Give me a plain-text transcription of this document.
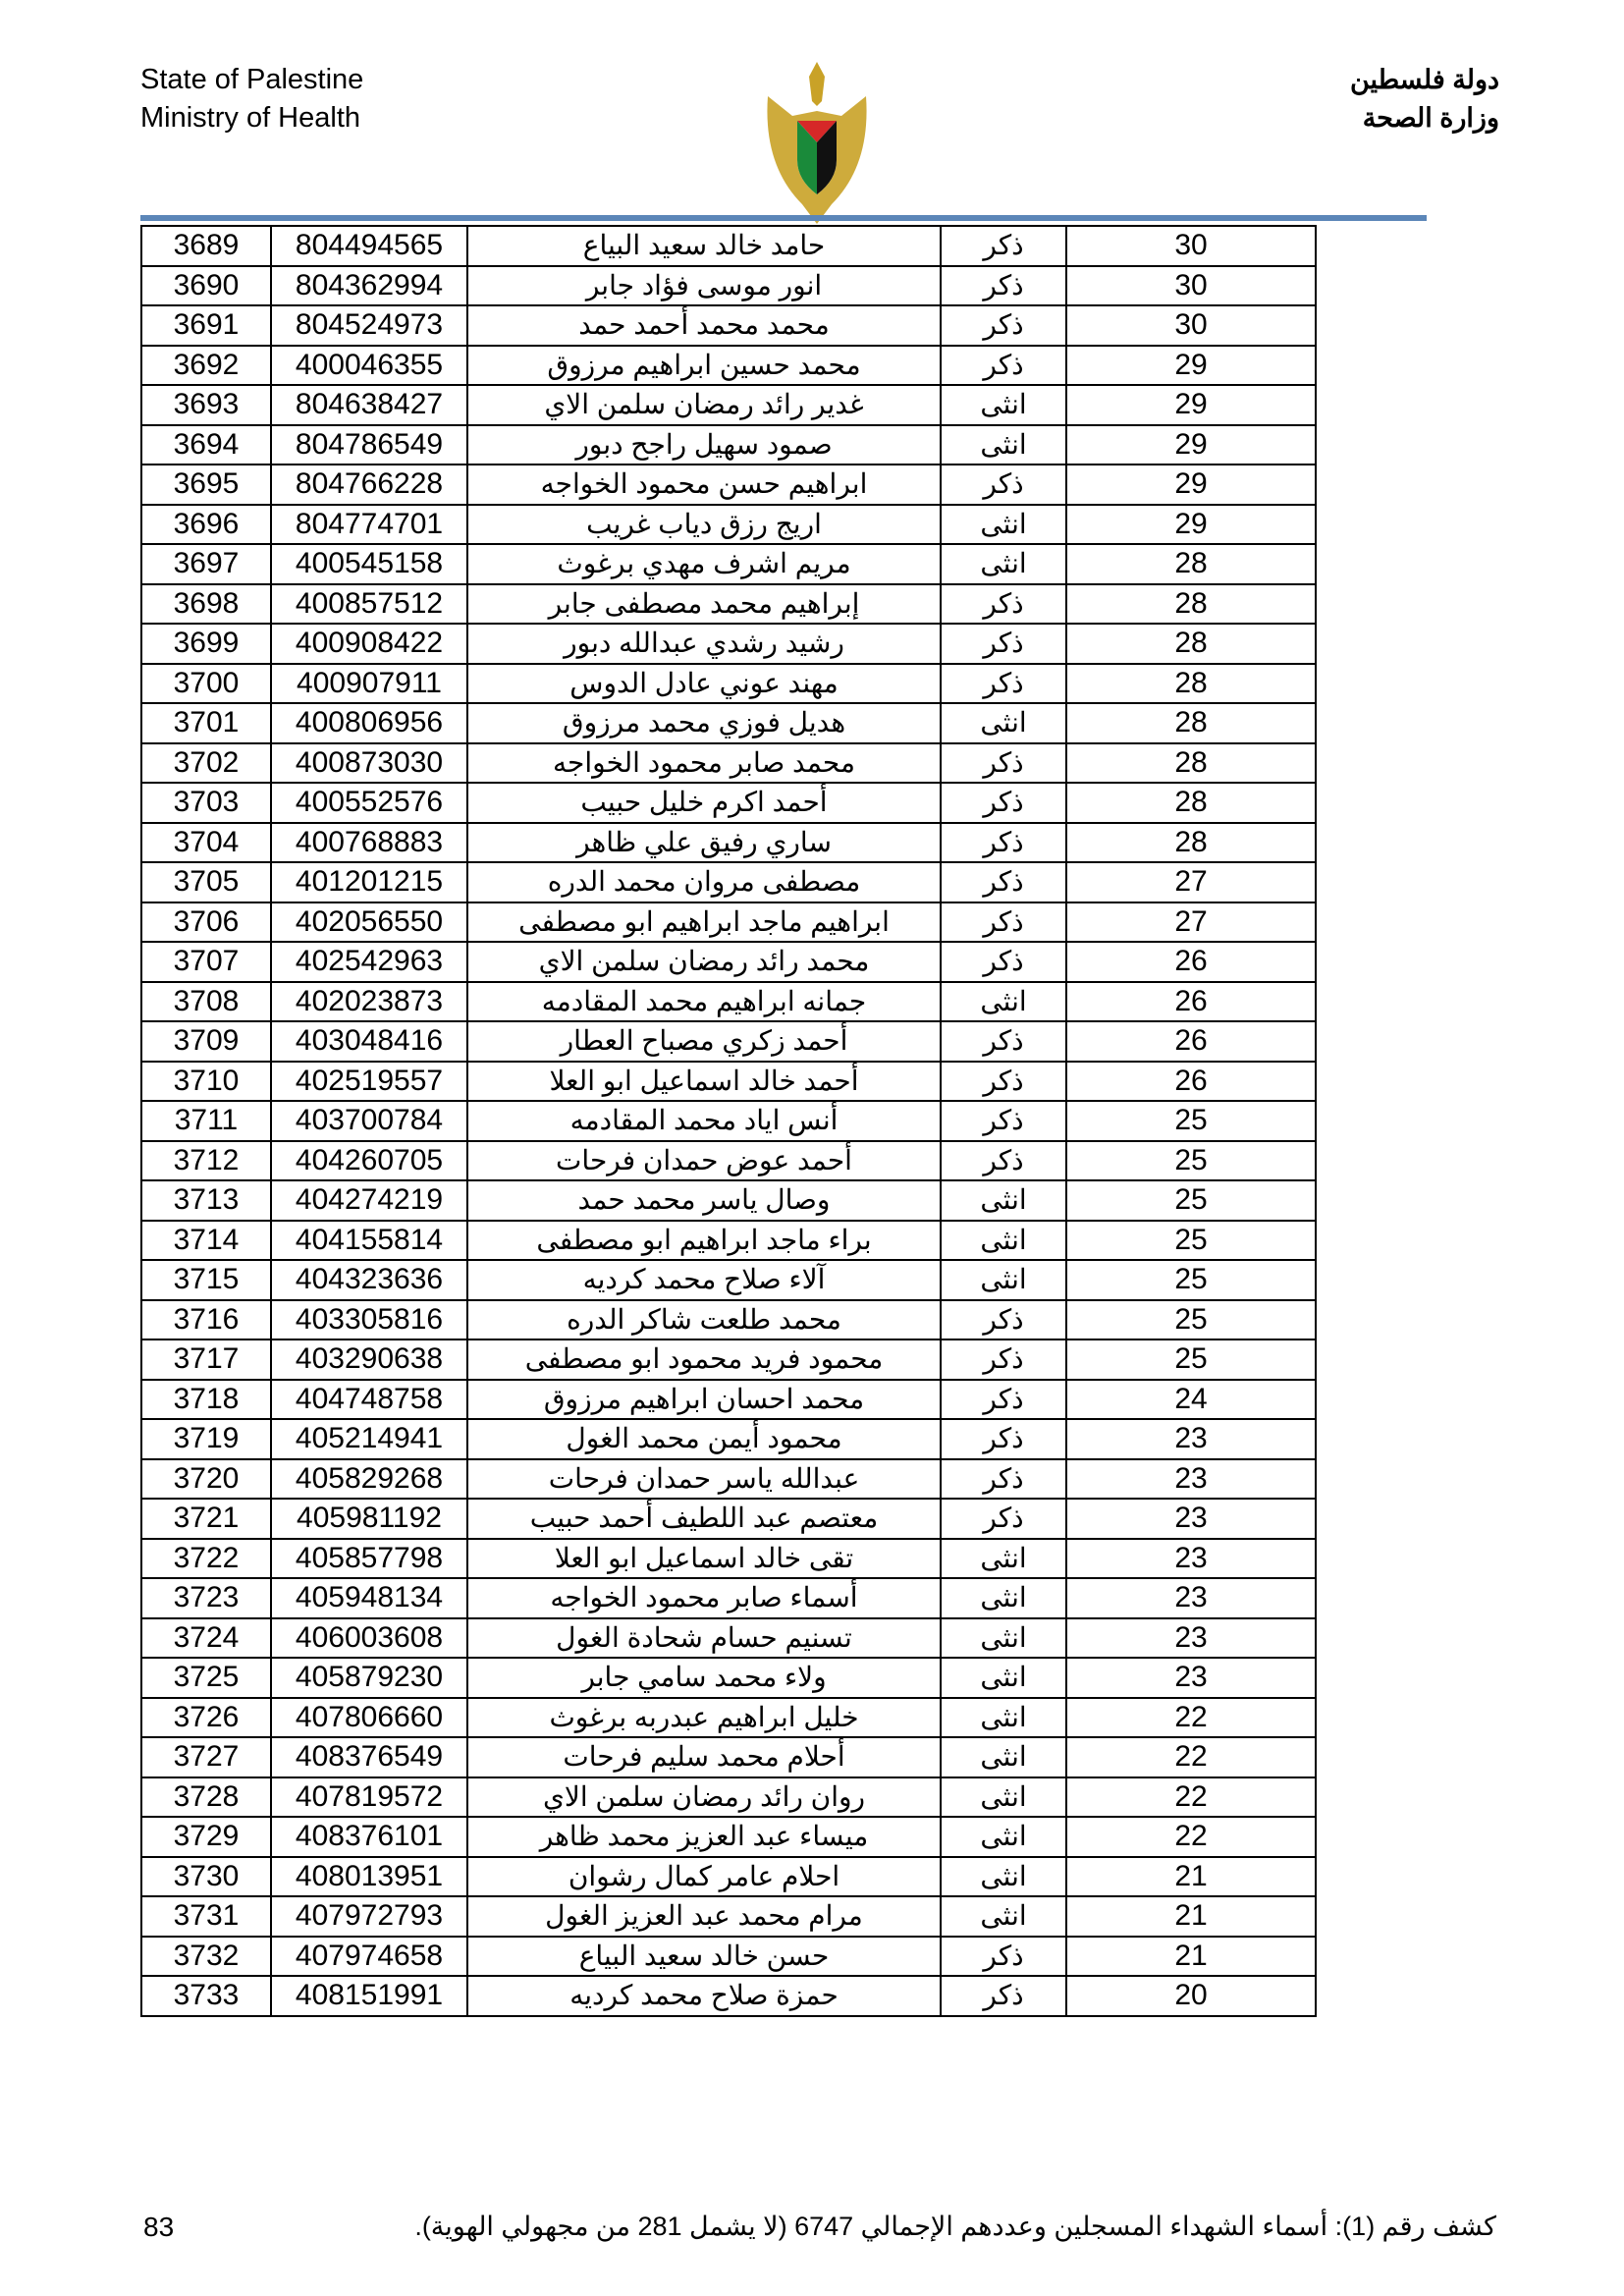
State of Palestine
Ministry of Health
دولة فلسطين
وزارة الصحة
3689	804494565	حامد خالد سعيد البياع	ذكر	30
3690	804362994	انور موسى فؤاد جابر	ذكر	30
3691	804524973	محمد محمد أحمد حمد	ذكر	30
3692	400046355	محمد حسين ابراهيم مرزوق	ذكر	29
3693	804638427	غدير رائد رمضان سلمن الاي	انثى	29
3694	804786549	صمود سهيل راجح دبور	انثى	29
3695	804766228	ابراهيم حسن محمود الخواجه	ذكر	29
3696	804774701	اريج رزق دياب غريب	انثى	29
3697	400545158	مريم اشرف مهدي برغوث	انثى	28
3698	400857512	إبراهيم محمد مصطفى جابر	ذكر	28
3699	400908422	رشيد رشدي عبدالله دبور	ذكر	28
3700	400907911	مهند عوني عادل الدوس	ذكر	28
3701	400806956	هديل فوزي محمد مرزوق	انثى	28
3702	400873030	محمد صابر محمود الخواجه	ذكر	28
3703	400552576	أحمد اكرم خليل حبيب	ذكر	28
3704	400768883	ساري رفيق علي ظاهر	ذكر	28
3705	401201215	مصطفى مروان محمد الدره	ذكر	27
3706	402056550	ابراهيم ماجد ابراهيم ابو مصطفى	ذكر	27
3707	402542963	محمد رائد رمضان سلمن الاي	ذكر	26
3708	402023873	جمانه ابراهيم محمد المقادمه	انثى	26
3709	403048416	أحمد زكري مصباح العطار	ذكر	26
3710	402519557	أحمد خالد اسماعيل ابو العلا	ذكر	26
3711	403700784	أنس اياد محمد المقادمه	ذكر	25
3712	404260705	أحمد عوض حمدان فرحات	ذكر	25
3713	404274219	وصال ياسر محمد حمد	انثى	25
3714	404155814	براء ماجد ابراهيم ابو مصطفى	انثى	25
3715	404323636	آلاء صلاح محمد كرديه	انثى	25
3716	403305816	محمد طلعت شاكر الدره	ذكر	25
3717	403290638	محمود فريد محمود ابو مصطفى	ذكر	25
3718	404748758	محمد احسان ابراهيم مرزوق	ذكر	24
3719	405214941	محمود أيمن محمد الغول	ذكر	23
3720	405829268	عبدالله ياسر حمدان فرحات	ذكر	23
3721	405981192	معتصم عبد اللطيف أحمد حبيب	ذكر	23
3722	405857798	تقى خالد اسماعيل ابو العلا	انثى	23
3723	405948134	أسماء صابر محمود الخواجه	انثى	23
3724	406003608	تسنيم حسام شحادة الغول	انثى	23
3725	405879230	ولاء محمد سامي جابر	انثى	23
3726	407806660	خليل ابراهيم عبدربه برغوث	انثى	22
3727	408376549	أحلام محمد سليم فرحات	انثى	22
3728	407819572	روان رائد رمضان سلمن الاي	انثى	22
3729	408376101	ميساء عبد العزيز محمد ظاهر	انثى	22
3730	408013951	احلام عامر كمال رشوان	انثى	21
3731	407972793	مرام محمد عبد العزيز الغول	انثى	21
3732	407974658	حسن خالد سعيد البياع	ذكر	21
3733	408151991	حمزة صلاح محمد كرديه	ذكر	20
83	كشف رقم (1): أسماء الشهداء المسجلين وعددهم الإجمالي 6747 (لا يشمل 281 من مجهولي الهوية).
